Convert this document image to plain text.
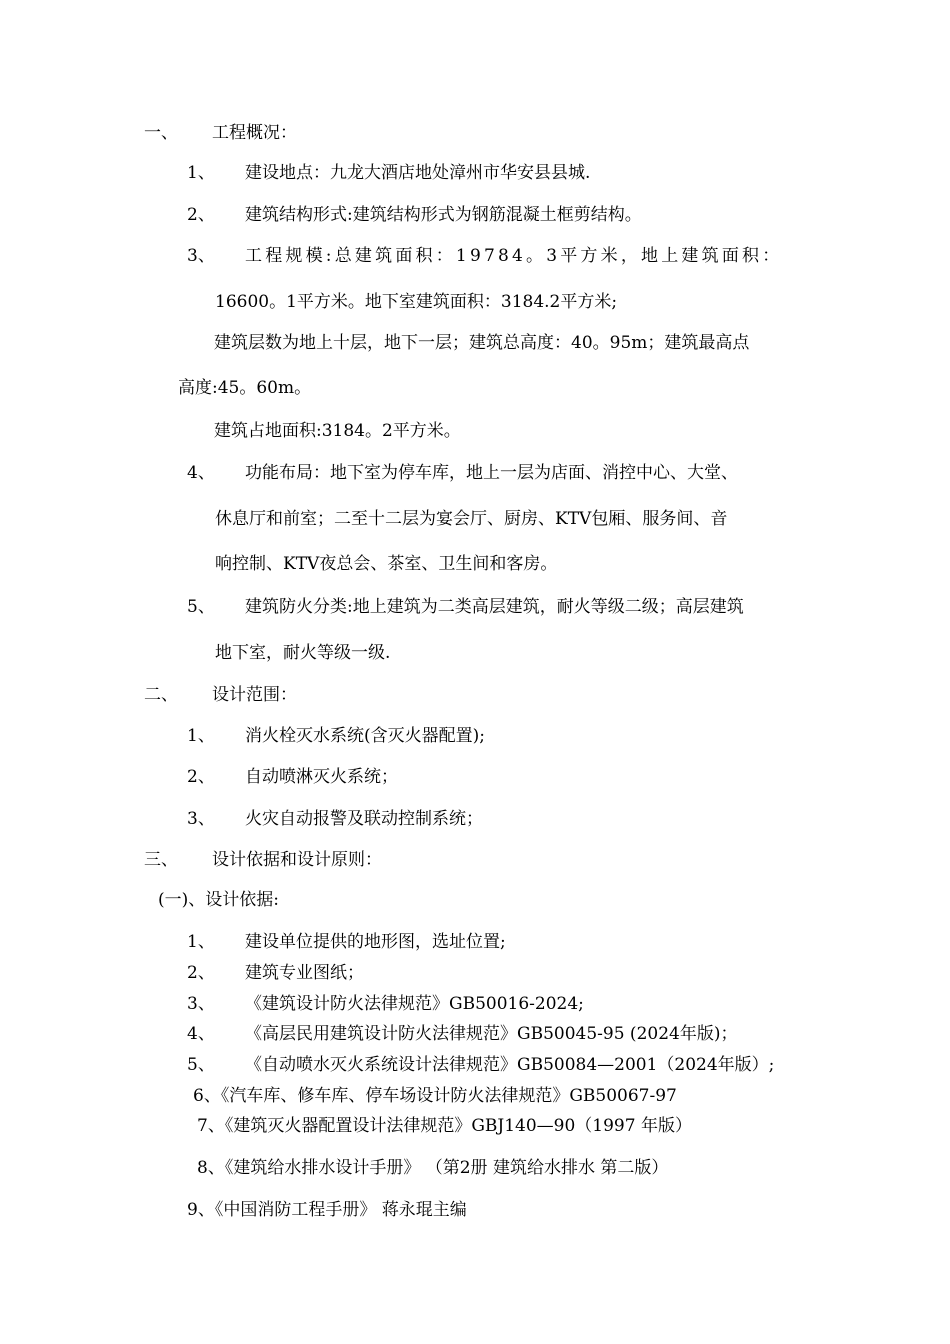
一、 工程概况：
1、 建设地点：九龙大酒店地处漳州市华安县县城.
2、 建筑结构形式:建筑结构形式为钢筋混凝土框剪结构。
3、 工程规模:总建筑面积：19784。3平方米，地上建筑面积：
16600。1平方米。地下室建筑面积：3184.2平方米;
建筑层数为地上十层，地下一层；建筑总高度：40。95m；建筑最高点
高度:45。60m。
建筑占地面积:3184。2平方米。
4、 功能布局：地下室为停车库，地上一层为店面、消控中心、大堂、
休息厅和前室；二至十二层为宴会厅、厨房、KTV包厢、服务间、音
响控制、KTV夜总会、茶室、卫生间和客房。
5、 建筑防火分类:地上建筑为二类高层建筑，耐火等级二级；高层建筑
地下室，耐火等级一级.
二、 设计范围：
1、 消火栓灭水系统(含灭火器配置);
2、 自动喷淋灭火系统；
3、 火灾自动报警及联动控制系统；
三、 设计依据和设计原则：
(一)、设计依据:
1、 建设单位提供的地形图，选址位置;
2、 建筑专业图纸；
3、 《建筑设计防火法律规范》GB50016-2024;
4、 《高层民用建筑设计防火法律规范》GB50045-95 (2024年版)；
5、 《自动喷水灭火系统设计法律规范》GB50084—2001（2024年版）;
6、《汽车库、修车库、停车场设计防火法律规范》GB50067-97
7、《建筑灭火器配置设计法律规范》GBJ140—90（1997 年版）
8、《建筑给水排水设计手册》 （第2册 建筑给水排水 第二版）
9、《中国消防工程手册》 蒋永琨主编
